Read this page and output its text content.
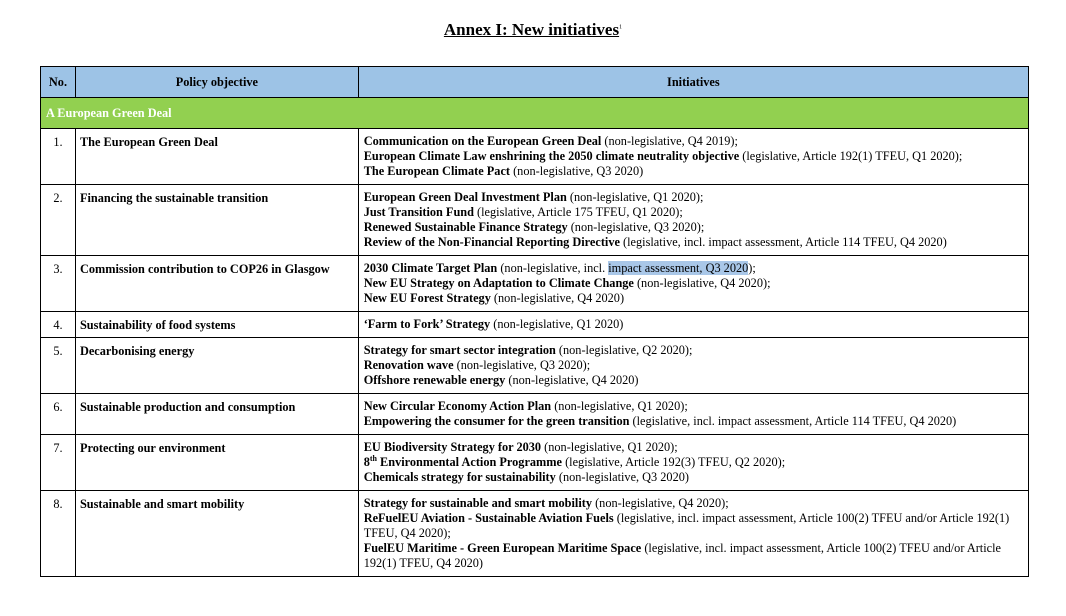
Annex I: New initiatives$^1$
No.	Policy objective	Initiatives
A European Green Deal		
1.	The European Green Deal	Communication on the European Green Deal (non-legislative, Q4 2019);
European Climate Law enshrining the 2050 climate neutrality objective (legislative, Article 192(1) TFEU, Q1 2020);
The European Climate Pact (non-legislative, Q3 2020)

2.	Financing the sustainable transition	European Green Deal Investment Plan (non-legislative, Q1 2020);
Just Transition Fund (legislative, Article 175 TFEU, Q1 2020);
Renewed Sustainable Finance Strategy (non-legislative, Q3 2020);
Review of the Non-Financial Reporting Directive (legislative, incl. impact assessment, Article 114 TFEU, Q4 2020)

3.	Commission contribution to COP26 in Glasgow	2030 Climate Target Plan (non-legislative, incl. impact assessment, Q3 2020);
New EU Strategy on Adaptation to Climate Change (non-legislative, Q4 2020);
New EU Forest Strategy (non-legislative, Q4 2020)

4.	Sustainability of food systems	‘Farm to Fork’ Strategy (non-legislative, Q1 2020)

5.	Decarbonising energy	Strategy for smart sector integration (non-legislative, Q2 2020);
Renovation wave (non-legislative, Q3 2020);
Offshore renewable energy (non-legislative, Q4 2020)

6.	Sustainable production and consumption	New Circular Economy Action Plan (non-legislative, Q1 2020);
Empowering the consumer for the green transition (legislative, incl. impact assessment, Article 114 TFEU, Q4 2020)

7.	Protecting our environment	EU Biodiversity Strategy for 2030 (non-legislative, Q1 2020);
8th Environmental Action Programme (legislative, Article 192(3) TFEU, Q2 2020);
Chemicals strategy for sustainability (non-legislative, Q3 2020)

8.	Sustainable and smart mobility	Strategy for sustainable and smart mobility (non-legislative, Q4 2020);
ReFuelEU Aviation - Sustainable Aviation Fuels (legislative, incl. impact assessment, Article 100(2) TFEU and/or Article 192(1) TFEU, Q4 2020);
FuelEU Maritime - Green European Maritime Space (legislative, incl. impact assessment, Article 100(2) TFEU and/or Article 192(1) TFEU, Q4 2020)
